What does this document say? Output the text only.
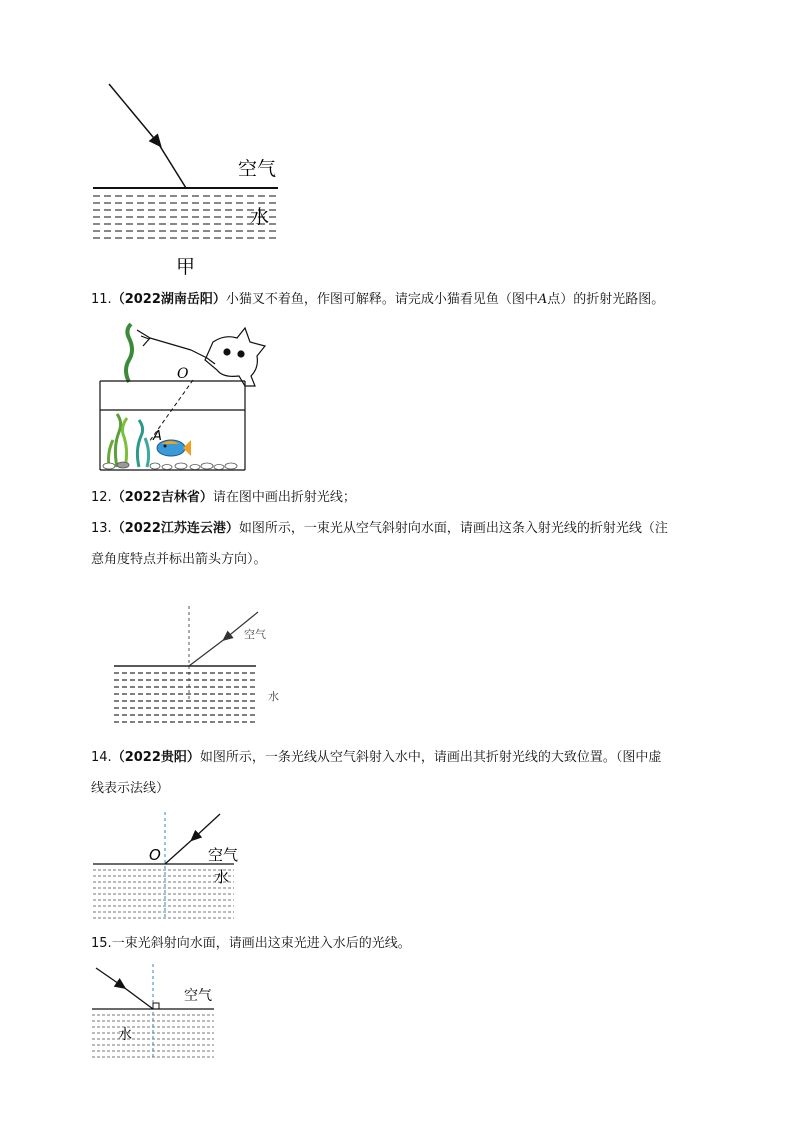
空气
水
甲
11.（2022湖南岳阳）小猫叉不着鱼，作图可解释。请完成小猫看见鱼（图中A点）的折射光路图。
O
A
12.（2022吉林省）请在图中画出折射光线；
13.（2022江苏连云港）如图所示，一束光从空气斜射向水面，请画出这条入射光线的折射光线（注
意角度特点并标出箭头方向）。
空气
水
14.（2022贵阳）如图所示，一条光线从空气斜射入水中，请画出其折射光线的大致位置。（图中虚
线表示法线）
O	空气
水
15.一束光斜射向水面，请画出这束光进入水后的光线。
空气
水
